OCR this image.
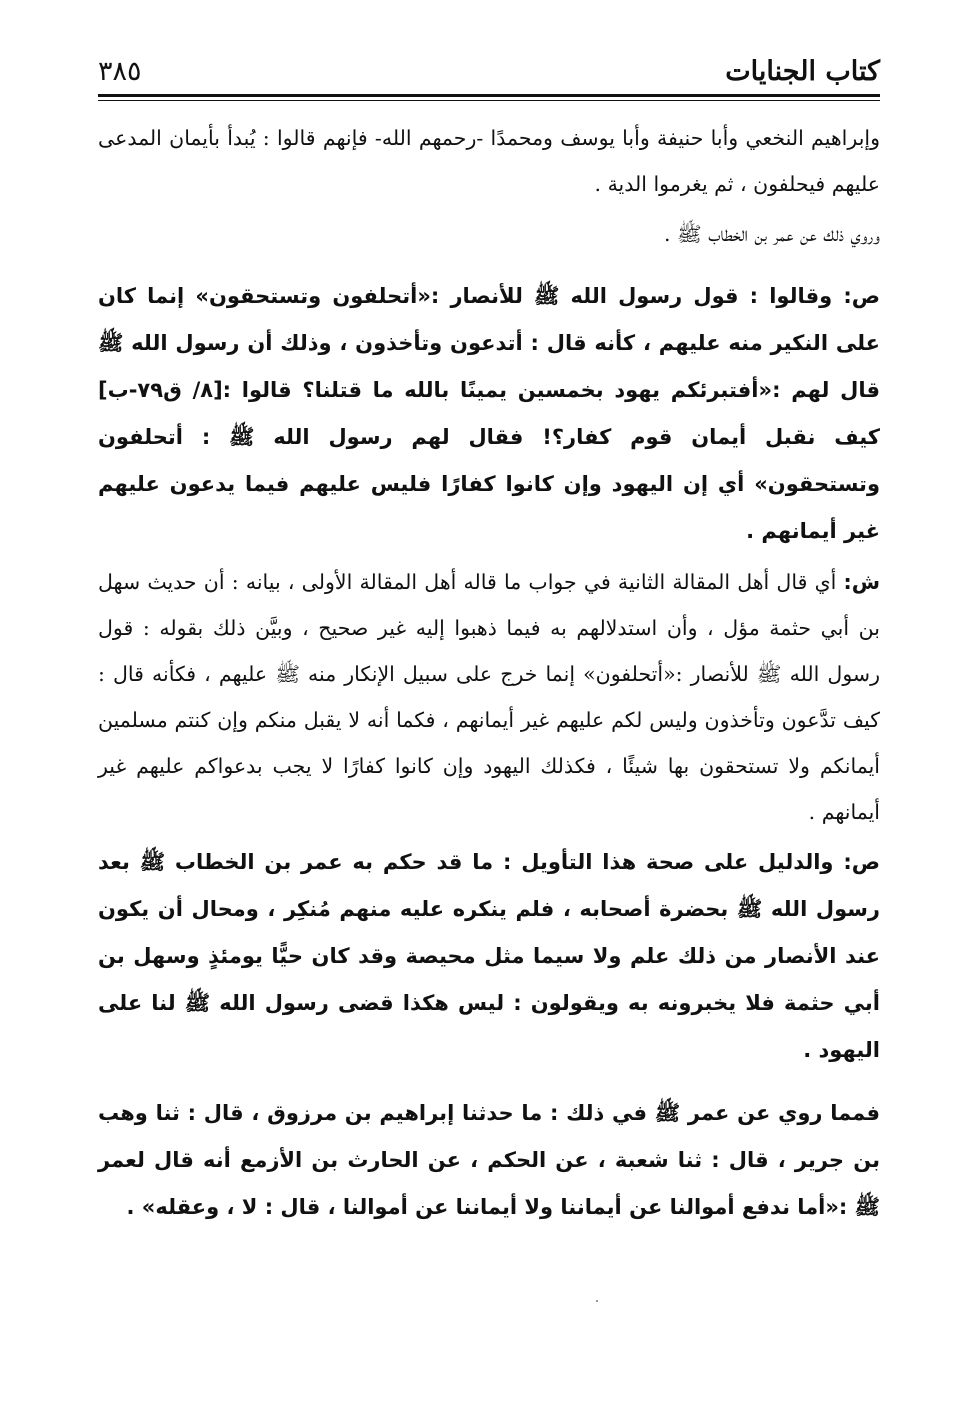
كتاب الجنايات
٣٨٥

وإبراهيم النخعي وأبا حنيفة وأبا يوسف ومحمدًا -رحمهم الله- فإنهم قالوا : يُبدأ بأيمان المدعى عليهم فيحلفون ، ثم يغرموا الدية .

وروي ذلك عن عمر بن الخطاب ﷺ .

ص: وقالوا : قول رسول الله ﷺ للأنصار :«أتحلفون وتستحقون» إنما كان على النكير منه عليهم ، كأنه قال : أتدعون وتأخذون ، وذلك أن رسول الله ﷺ قال لهم :«أفتبرئكم يهود بخمسين يمينًا بالله ما قتلنا؟ قالوا :[٨/ ق٧٩-ب] كيف نقبل أيمان قوم كفار؟! فقال لهم رسول الله ﷺ : أتحلفون وتستحقون» أي إن اليهود وإن كانوا كفارًا فليس عليهم فيما يدعون عليهم غير أيمانهم .

ش: أي قال أهل المقالة الثانية في جواب ما قاله أهل المقالة الأولى ، بيانه : أن حديث سهل بن أبي حثمة مؤل ، وأن استدلالهم به فيما ذهبوا إليه غير صحيح ، وبيَّن ذلك بقوله : قول رسول الله ﷺ للأنصار :«أتحلفون» إنما خرج على سبيل الإنكار منه ﷺ عليهم ، فكأنه قال : كيف تدَّعون وتأخذون وليس لكم عليهم غير أيمانهم ، فكما أنه لا يقبل منكم وإن كنتم مسلمين أيمانكم ولا تستحقون بها شيئًا ، فكذلك اليهود وإن كانوا كفارًا لا يجب بدعواكم عليهم غير أيمانهم .

ص: والدليل على صحة هذا التأويل : ما قد حكم به عمر بن الخطاب ﷺ بعد رسول الله ﷺ بحضرة أصحابه ، فلم ينكره عليه منهم مُنكِر ، ومحال أن يكون عند الأنصار من ذلك علم ولا سيما مثل محيصة وقد كان حيًّا يومئذٍ وسهل بن أبي حثمة فلا يخبرونه به ويقولون : ليس هكذا قضى رسول الله ﷺ لنا على اليهود .

فمما روي عن عمر ﷺ في ذلك : ما حدثنا إبراهيم بن مرزوق ، قال : ثنا وهب بن جرير ، قال : ثنا شعبة ، عن الحكم ، عن الحارث بن الأزمع أنه قال لعمر ﷺ :«أما ندفع أموالنا عن أيماننا ولا أيماننا عن أموالنا ، قال : لا ، وعقله» .
